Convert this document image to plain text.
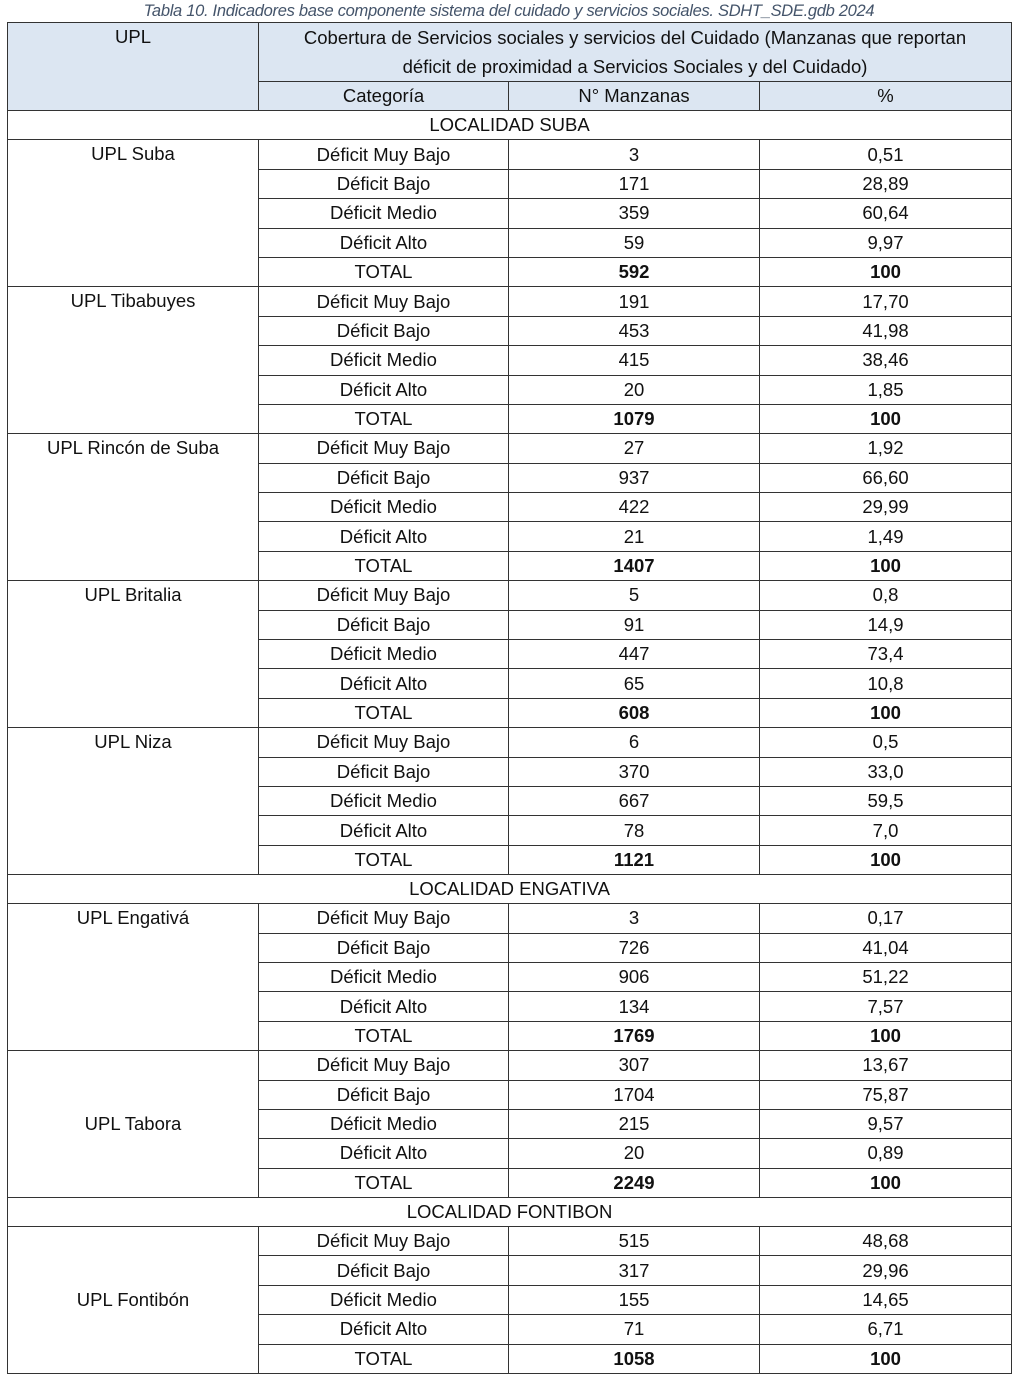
Tabla 10. Indicadores base componente sistema del cuidado y servicios sociales. SDHT_SDE.gdb 2024
UPL	Cobertura de Servicios sociales y servicios del Cuidado (Manzanas que reportan déficit de proximidad a Servicios Sociales y del Cuidado)		
	Categoría	N° Manzanas	%
LOCALIDAD SUBA			
UPL Suba	Déficit Muy Bajo	3	0,51
	Déficit Bajo	171	28,89
	Déficit Medio	359	60,64
	Déficit Alto	59	9,97
	TOTAL	592	100
UPL Tibabuyes	Déficit Muy Bajo	191	17,70
	Déficit Bajo	453	41,98
	Déficit Medio	415	38,46
	Déficit Alto	20	1,85
	TOTAL	1079	100
UPL Rincón de Suba	Déficit Muy Bajo	27	1,92
	Déficit Bajo	937	66,60
	Déficit Medio	422	29,99
	Déficit Alto	21	1,49
	TOTAL	1407	100
UPL Britalia	Déficit Muy Bajo	5	0,8
	Déficit Bajo	91	14,9
	Déficit Medio	447	73,4
	Déficit Alto	65	10,8
	TOTAL	608	100
UPL Niza	Déficit Muy Bajo	6	0,5
	Déficit Bajo	370	33,0
	Déficit Medio	667	59,5
	Déficit Alto	78	7,0
	TOTAL	1121	100
LOCALIDAD ENGATIVA			
UPL Engativá	Déficit Muy Bajo	3	0,17
	Déficit Bajo	726	41,04
	Déficit Medio	906	51,22
	Déficit Alto	134	7,57
	TOTAL	1769	100
UPL Tabora	Déficit Muy Bajo	307	13,67
	Déficit Bajo	1704	75,87
	Déficit Medio	215	9,57
	Déficit Alto	20	0,89
	TOTAL	2249	100
LOCALIDAD FONTIBON			
UPL Fontibón	Déficit Muy Bajo	515	48,68
	Déficit Bajo	317	29,96
	Déficit Medio	155	14,65
	Déficit Alto	71	6,71
	TOTAL	1058	100
